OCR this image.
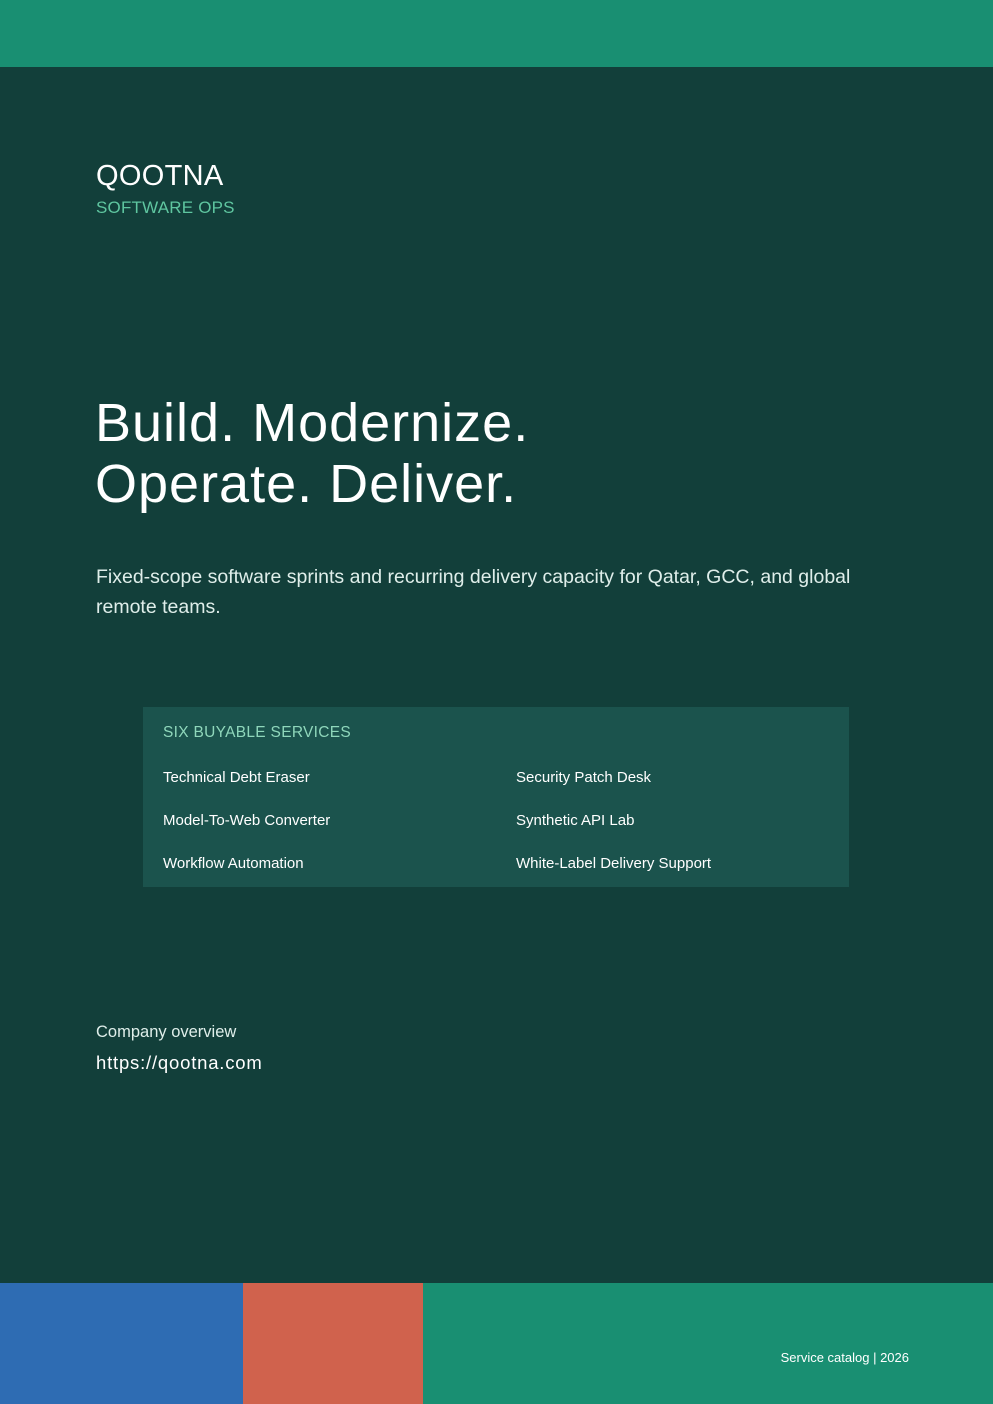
QOOTNA
SOFTWARE OPS
Build. Modernize.
Operate. Deliver.

Fixed-scope software sprints and recurring delivery capacity for Qatar, GCC, and global remote teams.

SIX BUYABLE SERVICES
Technical Debt Eraser	Security Patch Desk
Model-To-Web Converter	Synthetic API Lab
Workflow Automation	White-Label Delivery Support
Company overview
https://qootna.com
Service catalog | 2026
